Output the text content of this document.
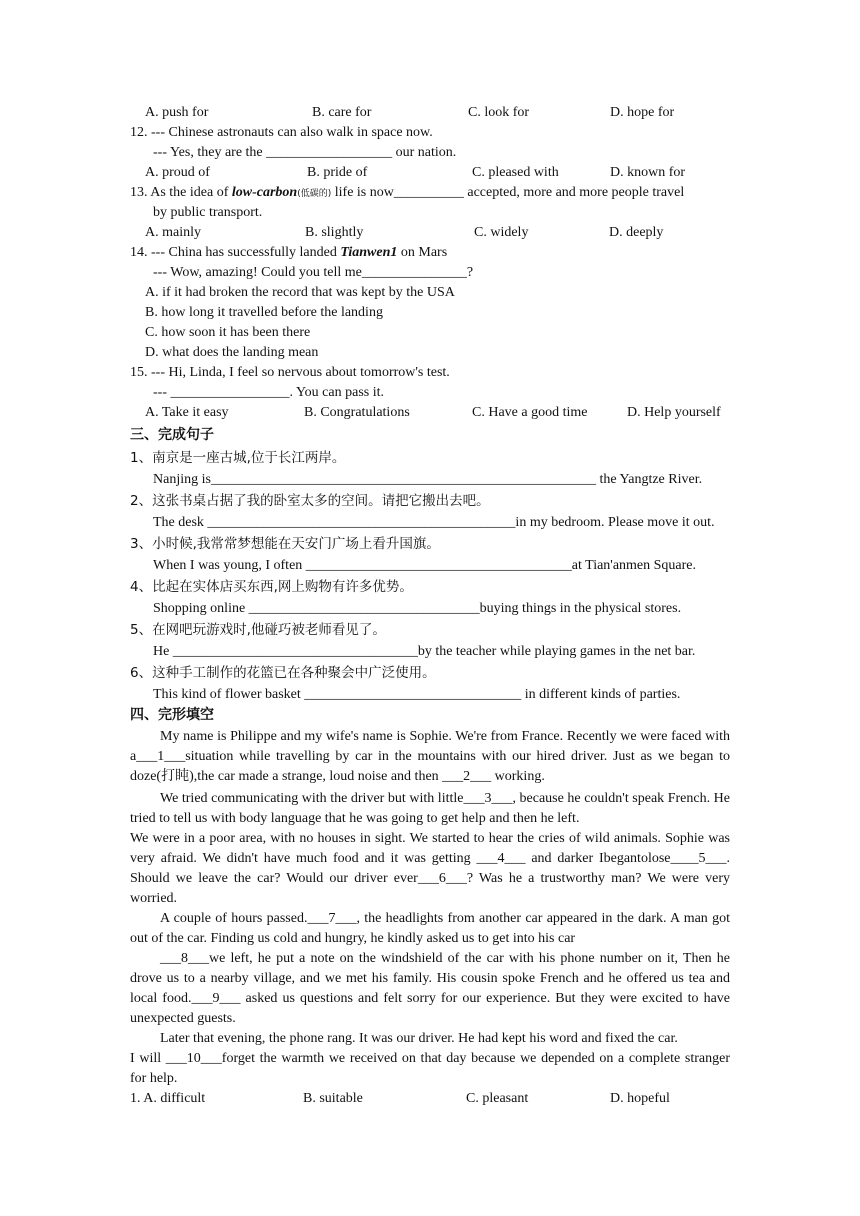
A. push for	B. care for	C. look for	D. hope for
12. --- Chinese astronauts can also walk in space now.
--- Yes, they are the __________________ our nation.
A. proud of	B. pride of	C. pleased with	D. known for
13. As the idea of low-carbon(低碳的) life is now__________ accepted, more and more people travel
by public transport.
A. mainly	B. slightly	C. widely	D. deeply
14. --- China has successfully landed Tianwen1 on Mars
--- Wow, amazing! Could you tell me_______________?
A. if it had broken the record that was kept by the USA
B. how long it travelled before the landing
C. how soon it has been there
D. what does the landing mean
15. --- Hi, Linda, I feel so nervous about tomorrow's test.
--- _________________. You can pass it.
A. Take it easy	B. Congratulations	C. Have a good time	D. Help yourself
三、完成句子
1、南京是一座古城,位于长江两岸。
Nanjing is_______________________________________________________ the Yangtze River.
2、这张书桌占据了我的卧室太多的空间。请把它搬出去吧。
The desk ____________________________________________in my bedroom. Please move it out.
3、小时候,我常常梦想能在天安门广场上看升国旗。
When I was young, I often ______________________________________at Tian'anmen Square.
4、比起在实体店买东西,网上购物有许多优势。
Shopping online _________________________________buying things in the physical stores.
5、在网吧玩游戏时,他碰巧被老师看见了。
He ___________________________________by the teacher while playing games in the net bar.
6、这种手工制作的花篮已在各种聚会中广泛使用。
This kind of flower basket _______________________________ in different kinds of parties.
四、完形填空
My name is Philippe and my wife's name is Sophie. We're from France. Recently we were faced with a___1___situation while travelling by car in the mountains with our hired driver. Just as we began to doze(打盹),the car made a strange, loud noise and then ___2___ working.
We tried communicating with the driver but with little___3___, because he couldn't speak French. He tried to tell us with body language that he was going to get help and then he left.
We were in a poor area, with no houses in sight. We started to hear the cries of wild animals. Sophie was very afraid. We didn't have much food and it was getting ___4___ and darker Ibegantolose____5___. Should we leave the car? Would our driver ever___6___? Was he a trustworthy man? We were very worried.
A couple of hours passed.___7___, the headlights from another car appeared in the dark. A man got out of the car. Finding us cold and hungry, he kindly asked us to get into his car
___8___we left, he put a note on the windshield of the car with his phone number on it, Then he drove us to a nearby village, and we met his family. His cousin spoke French and he offered us tea and local food.___9___ asked us questions and felt sorry for our experience. But they were excited to have unexpected guests.
Later that evening, the phone rang. It was our driver. He had kept his word and fixed the car.
I will ___10___forget the warmth we received on that day because we depended on a complete stranger for help.
1. A. difficult	B. suitable	C. pleasant	D. hopeful
